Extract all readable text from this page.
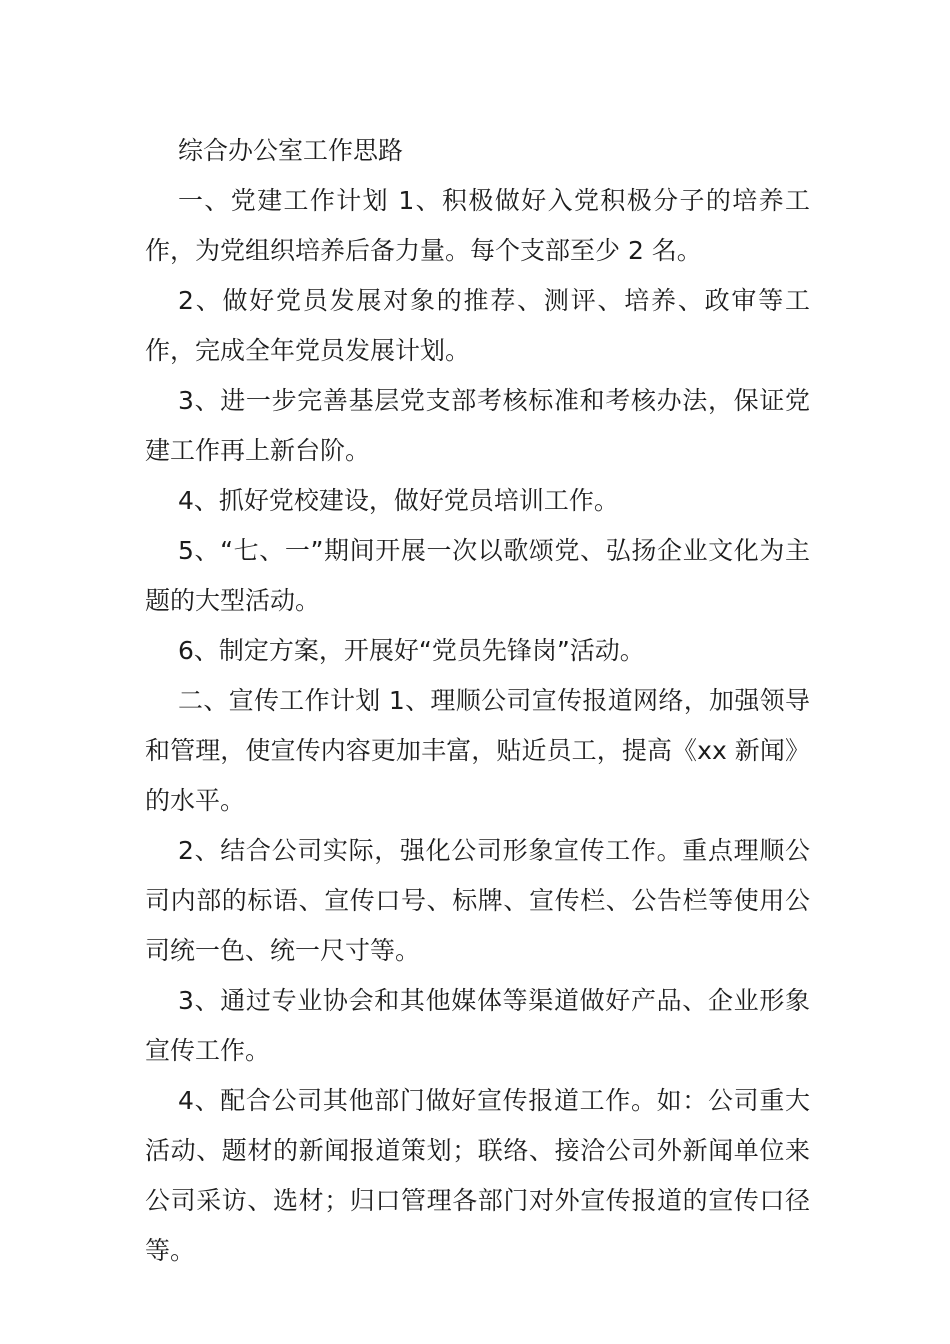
综合办公室工作思路

一、党建工作计划 1、积极做好入党积极分子的培养工作，为党组织培养后备力量。每个支部至少 2 名。

2、做好党员发展对象的推荐、测评、培养、政审等工作，完成全年党员发展计划。

3、进一步完善基层党支部考核标准和考核办法，保证党建工作再上新台阶。

4、抓好党校建设，做好党员培训工作。

5、“七、一”期间开展一次以歌颂党、弘扬企业文化为主题的大型活动。

6、制定方案，开展好“党员先锋岗”活动。

二、宣传工作计划 1、理顺公司宣传报道网络，加强领导和管理，使宣传内容更加丰富，贴近员工，提高《xx 新闻》的水平。

2、结合公司实际，强化公司形象宣传工作。重点理顺公司内部的标语、宣传口号、标牌、宣传栏、公告栏等使用公司统一色、统一尺寸等。

3、通过专业协会和其他媒体等渠道做好产品、企业形象宣传工作。

4、配合公司其他部门做好宣传报道工作。如：公司重大活动、题材的新闻报道策划；联络、接洽公司外新闻单位来公司采访、选材；归口管理各部门对外宣传报道的宣传口径等。
